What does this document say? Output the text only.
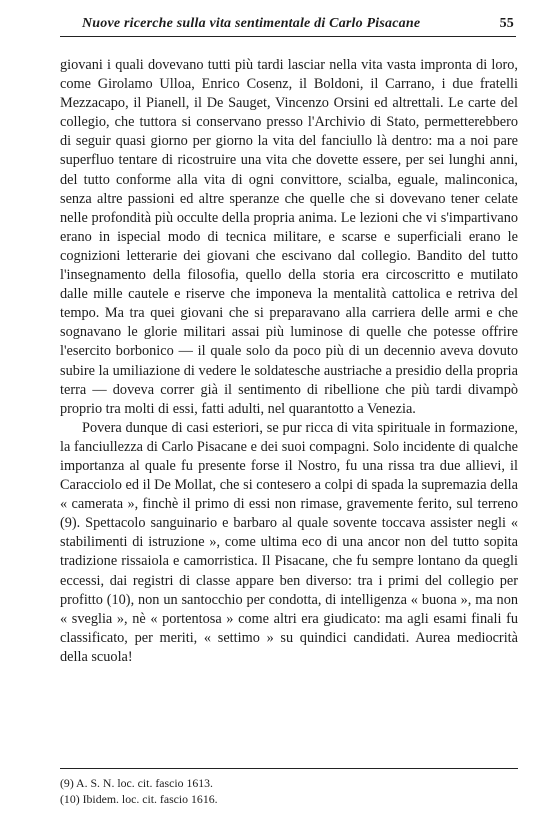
Nuove ricerche sulla vita sentimentale di Carlo Pisacane	55

giovani i quali dovevano tutti più tardi lasciar nella vita vasta impronta di loro, come Girolamo Ulloa, Enrico Cosenz, il Boldoni, il Carrano, i due fratelli Mezzacapo, il Pianell, il De Sauget, Vincenzo Orsini ed altrettali. Le carte del collegio, che tuttora si conservano presso l'Archivio di Stato, permetterebbero di seguir quasi giorno per giorno la vita del fanciullo là dentro: ma a noi pare superfluo tentare di ricostruire una vita che dovette essere, per sei lunghi anni, del tutto conforme alla vita di ogni convittore, scialba, eguale, malinconica, senza altre passioni ed altre speranze che quelle che si dovevano tener celate nelle profondità più occulte della propria anima. Le lezioni che vi s'impartivano erano in ispecial modo di tecnica militare, e scarse e superficiali erano le cognizioni letterarie dei giovani che escivano dal collegio. Bandito del tutto l'insegnamento della filosofia, quello della storia era circoscritto e mutilato dalle mille cautele e riserve che imponeva la mentalità cattolica e retriva del tempo. Ma tra quei giovani che si preparavano alla carriera delle armi e che sognavano le glorie militari assai più luminose di quelle che potesse offrire l'esercito borbonico — il quale solo da poco più di un decennio aveva dovuto subire la umiliazione di vedere le soldatesche austriache a presidio della propria terra — doveva correr già il sentimento di ribellione che più tardi divampò proprio tra molti di essi, fatti adulti, nel quarantotto a Venezia.

Povera dunque di casi esteriori, se pur ricca di vita spirituale in formazione, la fanciullezza di Carlo Pisacane e dei suoi compagni. Solo incidente di qualche importanza al quale fu presente forse il Nostro, fu una rissa tra due allievi, il Caracciolo ed il De Mollat, che si contesero a colpi di spada la supremazia della « camerata », finchè il primo di essi non rimase, gravemente ferito, sul terreno (9). Spettacolo sanguinario e barbaro al quale sovente toccava assister negli « stabilimenti di istruzione », come ultima eco di una ancor non del tutto sopita tradizione rissaiola e camorristica. Il Pisacane, che fu sempre lontano da quegli eccessi, dai registri di classe appare ben diverso: tra i primi del collegio per profitto (10), non un santocchio per condotta, di intelligenza « buona », ma non « sveglia », nè « portentosa » come altri era giudicato: ma agli esami finali fu classificato, per meriti, « settimo » su quindici candidati. Aurea mediocrità della scuola!

(9) A. S. N. loc. cit. fascio 1613.
(10) Ibidem. loc. cit. fascio 1616.
